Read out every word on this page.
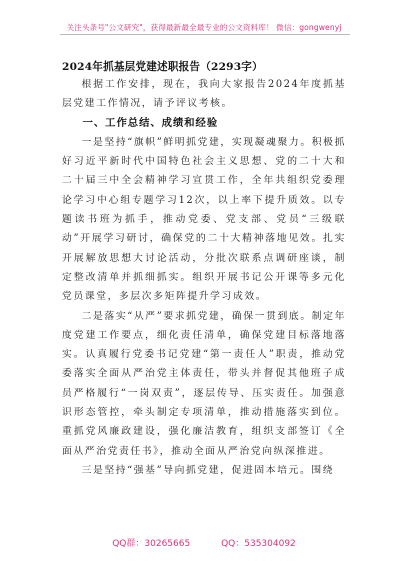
关注头条号"公文研究"，获得最新最全最专业的公文资料库！ 微信：gongwenyj
2024年抓基层党建述职报告（2293字）

根据工作安排，现在，我向大家报告2024年度抓基层党建工作情况，请予评议考核。

一、工作总结、成绩和经验

一是坚持“旗帜”鲜明抓党建，实现凝魂聚力。积极抓好习近平新时代中国特色社会主义思想、党的二十大和二十届三中全会精神学习宣贯工作，全年共组织党委理论学习中心组专题学习12次，以上率下提升质效。以专题读书班为抓手，推动党委、党支部、党员“三级联动”开展学习研讨，确保党的二十大精神落地见效。扎实开展解放思想大讨论活动，分批次联系点调研座谈，制定整改清单并抓细抓实。组织开展书记公开课等多元化党员课堂，多层次多矩阵提升学习成效。

二是落实“从严”要求抓党建，确保一贯到底。制定年度党建工作要点，细化责任清单，确保党建目标落地落实。认真履行党委书记党建“第一责任人”职责，推动党委落实全面从严治党主体责任，带头并督促其他班子成员严格履行“一岗双责”，逐层传导、压实责任。加强意识形态管控，牵头制定专项清单，推动措施落实到位。重抓党风廉政建设，强化廉洁教育，组织支部签订《全面从严治党责任书》，推动全面从严治党向纵深推进。

三是坚持“强基”导向抓党建，促进固本培元。围绕

QQ群：30265665	QQ：535304092
